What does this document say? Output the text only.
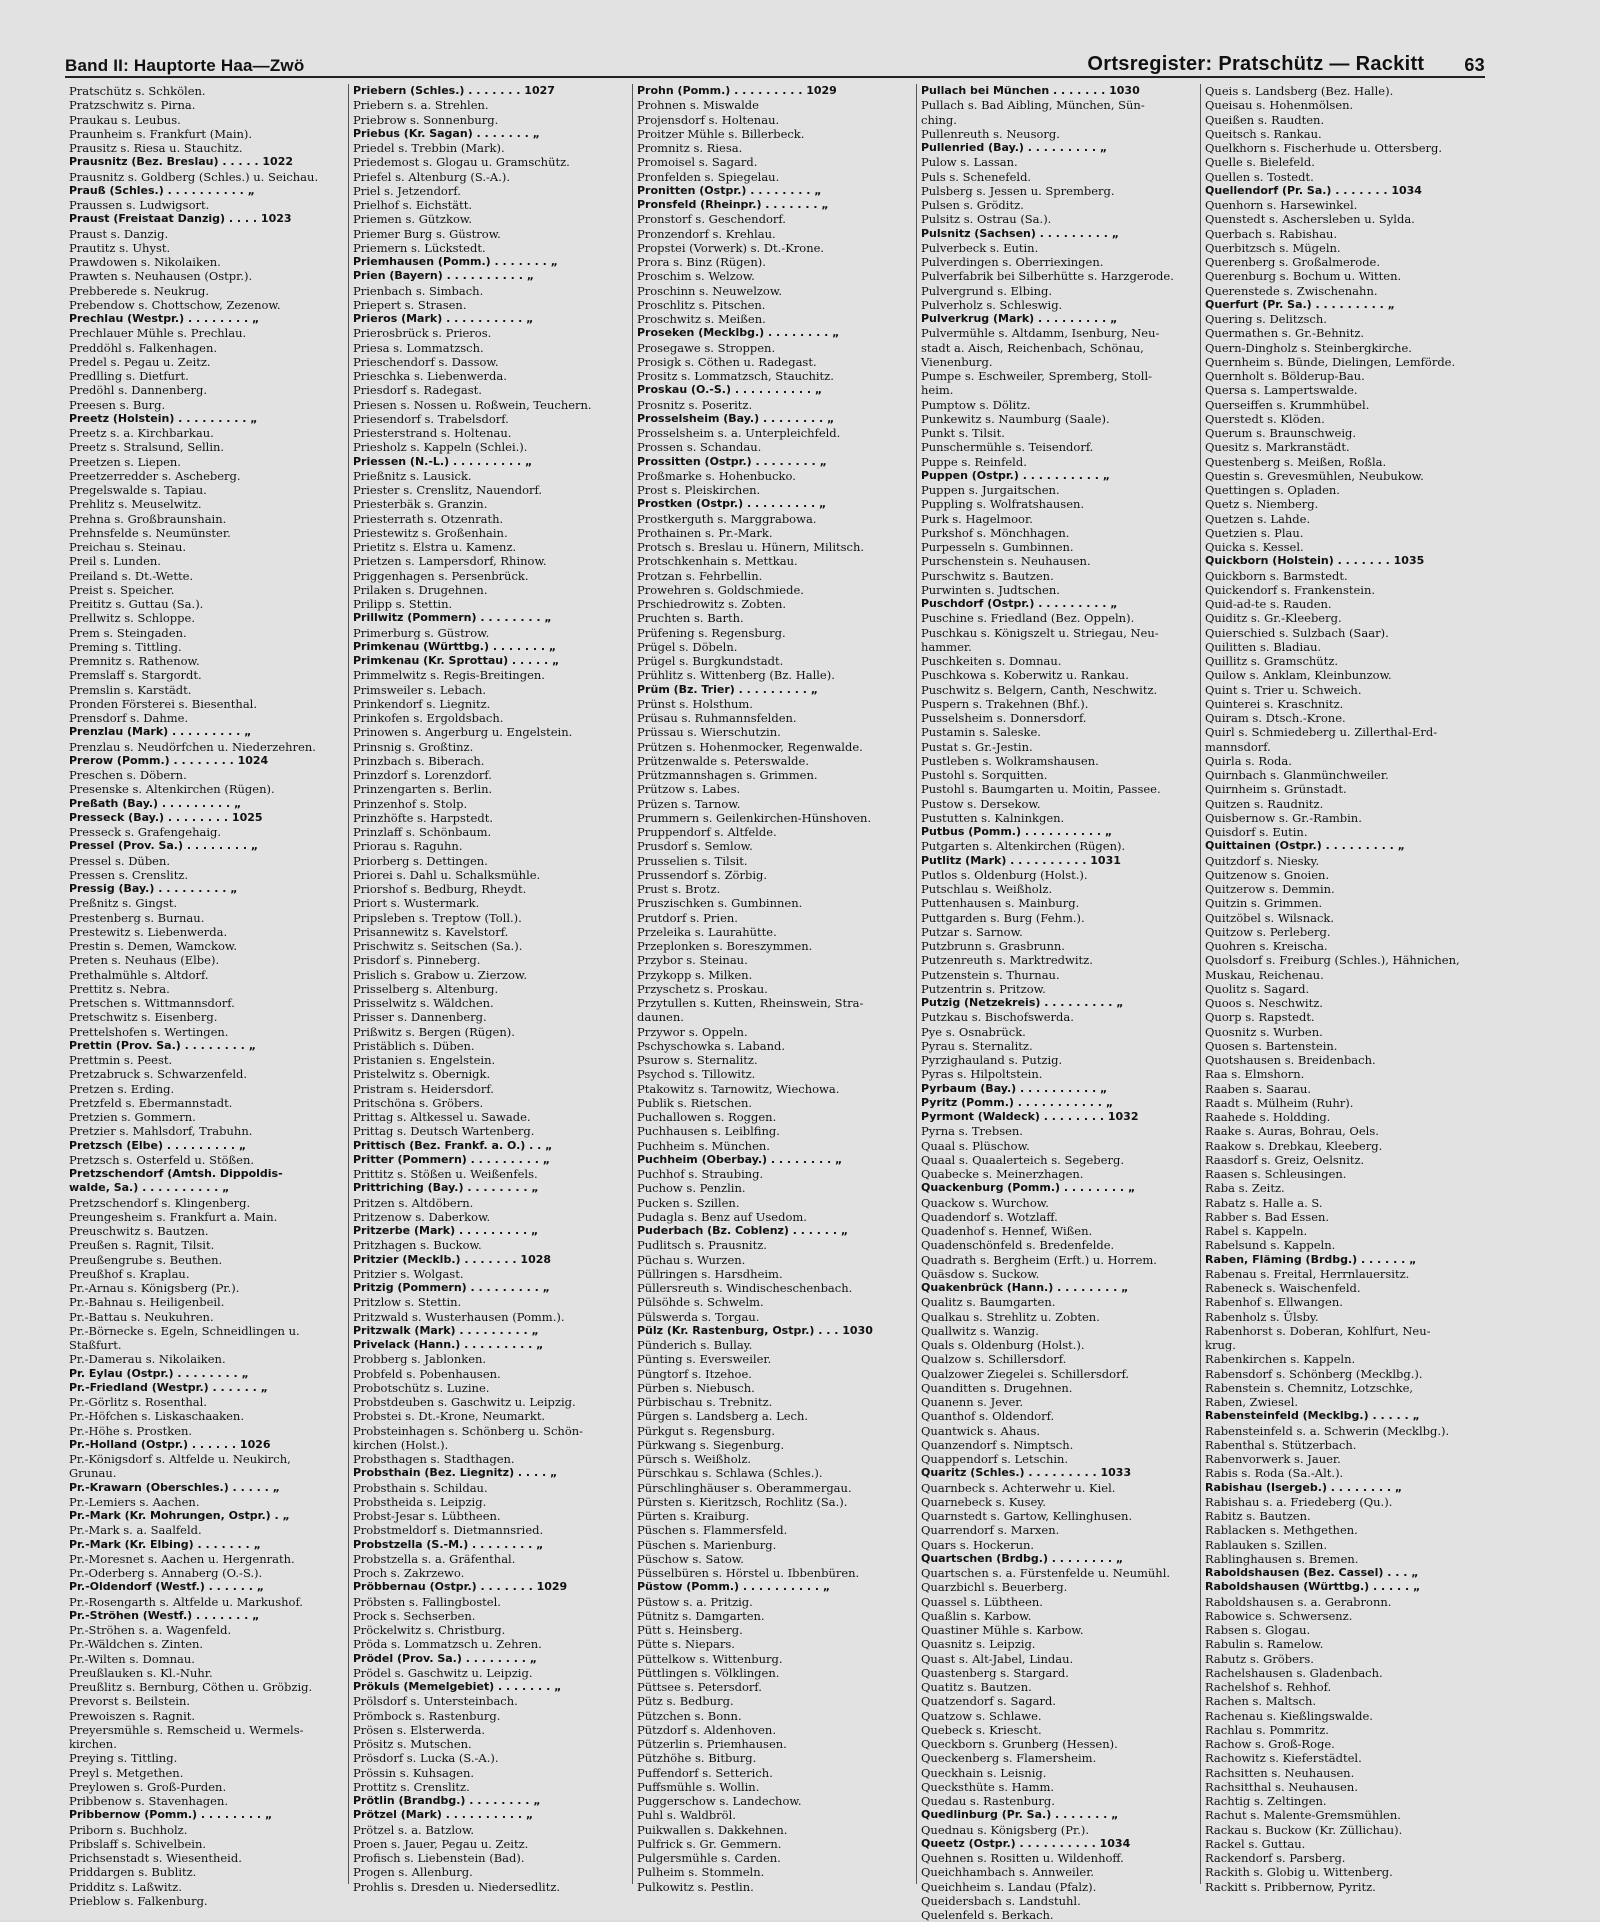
Band II: Hauptorte Haa—Zwö	Ortsregister: Pratschütz — Rackitt 63
Pratschütz s. Schkölen.
Pratzschwitz s. Pirna.
Praukau s. Leubus.
Praunheim s. Frankfurt (Main).
Prausitz s. Riesa u. Stauchitz.
Prausnitz (Bez. Breslau) . . . . . 1022
Prausnitz s. Goldberg (Schles.) u. Seichau.
Prauß (Schles.) . . . . . . . . . . „
Praussen s. Ludwigsort.
Praust (Freistaat Danzig) . . . . 1023
Praust s. Danzig.
Prautitz s. Uhyst.
Prawdowen s. Nikolaiken.
Prawten s. Neuhausen (Ostpr.).
Prebberede s. Neukrug.
Prebendow s. Chottschow, Zezenow.
Prechlau (Westpr.) . . . . . . . . „
Prechlauer Mühle s. Prechlau.
Preddöhl s. Falkenhagen.
Predel s. Pegau u. Zeitz.
Predlling s. Dietfurt.
Predöhl s. Dannenberg.
Preesen s. Burg.
Preetz (Holstein) . . . . . . . . . „
Preetz s. a. Kirchbarkau.
Preetz s. Stralsund, Sellin.
Preetzen s. Liepen.
Preetzerredder s. Ascheberg.
Pregelswalde s. Tapiau.
Prehlitz s. Meuselwitz.
Prehna s. Großbraunshain.
Prehnsfelde s. Neumünster.
Preichau s. Steinau.
Preil s. Lunden.
Preiland s. Dt.-Wette.
Preist s. Speicher.
Preititz s. Guttau (Sa.).
Prellwitz s. Schloppe.
Prem s. Steingaden.
Preming s. Tittling.
Premnitz s. Rathenow.
Premslaff s. Stargordt.
Premslin s. Karstädt.
Pronden Försterei s. Biesenthal.
Prensdorf s. Dahme.
Prenzlau (Mark) . . . . . . . . . „
Prenzlau s. Neudörfchen u. Niederzehren.
Prerow (Pomm.) . . . . . . . . 1024
Preschen s. Döbern.
Presenske s. Altenkirchen (Rügen).
Preßath (Bay.) . . . . . . . . . „
Presseck (Bay.) . . . . . . . . 1025
Presseck s. Grafengehaig.
Pressel (Prov. Sa.) . . . . . . . . „
Pressel s. Düben.
Pressen s. Crenslitz.
Pressig (Bay.) . . . . . . . . . „
Preßnitz s. Gingst.
Prestenberg s. Burnau.
Prestewitz s. Liebenwerda.
Prestin s. Demen, Wamckow.
Preten s. Neuhaus (Elbe).
Prethalmühle s. Altdorf.
Prettitz s. Nebra.
Pretschen s. Wittmannsdorf.
Pretschwitz s. Eisenberg.
Prettelshofen s. Wertingen.
Prettin (Prov. Sa.) . . . . . . . . „
Prettmin s. Peest.
Pretzabruck s. Schwarzenfeld.
Pretzen s. Erding.
Pretzfeld s. Ebermannstadt.
Pretzien s. Gommern.
Pretzier s. Mahlsdorf, Trabuhn.
Pretzsch (Elbe) . . . . . . . . . „
Pretzsch s. Osterfeld u. Stößen.
Pretzschendorf (Amtsh. Dippoldis-
walde, Sa.) . . . . . . . . . . „
Pretzschendorf s. Klingenberg.
Preungesheim s. Frankfurt a. Main.
Preuschwitz s. Bautzen.
Preußen s. Ragnit, Tilsit.
Preußengrube s. Beuthen.
Preußhof s. Kraplau.
Pr.-Arnau s. Königsberg (Pr.).
Pr.-Bahnau s. Heiligenbeil.
Pr.-Battau s. Neukuhren.
Pr.-Börnecke s. Egeln, Schneidlingen u.
Staßfurt.
Pr.-Damerau s. Nikolaiken.
Pr. Eylau (Ostpr.) . . . . . . . . „
Pr.-Friedland (Westpr.) . . . . . . „
Pr.-Görlitz s. Rosenthal.
Pr.-Höfchen s. Liskaschaaken.
Pr.-Höhe s. Prostken.
Pr.-Holland (Ostpr.) . . . . . . 1026
Pr.-Königsdorf s. Altfelde u. Neukirch,
Grunau.
Pr.-Krawarn (Oberschles.) . . . . . „
Pr.-Lemiers s. Aachen.
Pr.-Mark (Kr. Mohrungen, Ostpr.) . „
Pr.-Mark s. a. Saalfeld.
Pr.-Mark (Kr. Elbing) . . . . . . . „
Pr.-Moresnet s. Aachen u. Hergenrath.
Pr.-Oderberg s. Annaberg (O.-S.).
Pr.-Oldendorf (Westf.) . . . . . . „
Pr.-Rosengarth s. Altfelde u. Markushof.
Pr.-Ströhen (Westf.) . . . . . . . „
Pr.-Ströhen s. a. Wagenfeld.
Pr.-Wäldchen s. Zinten.
Pr.-Wilten s. Domnau.
Preußlauken s. Kl.-Nuhr.
Preußlitz s. Bernburg, Cöthen u. Gröbzig.
Prevorst s. Beilstein.
Prewoiszen s. Ragnit.
Preyersmühle s. Remscheid u. Wermels-
kirchen.
Preying s. Tittling.
Preyl s. Metgethen.
Preylowen s. Groß-Purden.
Pribbenow s. Stavenhagen.
Pribbernow (Pomm.) . . . . . . . . „
Priborn s. Buchholz.
Pribslaff s. Schivelbein.
Prichsenstadt s. Wiesentheid.
Priddargen s. Bublitz.
Pridditz s. Laßwitz.
Prieblow s. Falkenburg.
Priebern (Schles.) . . . . . . . 1027
Priebern s. a. Strehlen.
Priebrow s. Sonnenburg.
Priebus (Kr. Sagan) . . . . . . . „
Priedel s. Trebbin (Mark).
Priedemost s. Glogau u. Gramschütz.
Priefel s. Altenburg (S.-A.).
Priel s. Jetzendorf.
Prielhof s. Eichstätt.
Priemen s. Gützkow.
Priemer Burg s. Güstrow.
Priemern s. Lückstedt.
Priemhausen (Pomm.) . . . . . . . „
Prien (Bayern) . . . . . . . . . . „
Prienbach s. Simbach.
Priepert s. Strasen.
Prieros (Mark) . . . . . . . . . . „
Prierosbrück s. Prieros.
Priesa s. Lommatzsch.
Prieschendorf s. Dassow.
Prieschka s. Liebenwerda.
Priesdorf s. Radegast.
Priesen s. Nossen u. Roßwein, Teuchern.
Priesendorf s. Trabelsdorf.
Priesterstrand s. Holtenau.
Priesholz s. Kappeln (Schlei.).
Priessen (N.-L.) . . . . . . . . . „
Prießnitz s. Lausick.
Priester s. Crenslitz, Nauendorf.
Priesterbäk s. Granzin.
Priesterrath s. Otzenrath.
Priestewitz s. Großenhain.
Prietitz s. Elstra u. Kamenz.
Prietzen s. Lampersdorf, Rhinow.
Priggenhagen s. Persenbrück.
Prilaken s. Drugehnen.
Prilipp s. Stettin.
Prillwitz (Pommern) . . . . . . . . „
Primerburg s. Güstrow.
Primkenau (Württbg.) . . . . . . . „
Primkenau (Kr. Sprottau) . . . . . „
Primmelwitz s. Regis-Breitingen.
Primsweiler s. Lebach.
Prinkendorf s. Liegnitz.
Prinkofen s. Ergoldsbach.
Prinowen s. Angerburg u. Engelstein.
Prinsnig s. Großtinz.
Prinzbach s. Biberach.
Prinzdorf s. Lorenzdorf.
Prinzengarten s. Berlin.
Prinzenhof s. Stolp.
Prinzhöfte s. Harpstedt.
Prinzlaff s. Schönbaum.
Priorau s. Raguhn.
Priorberg s. Dettingen.
Priorei s. Dahl u. Schalksmühle.
Priorshof s. Bedburg, Rheydt.
Priort s. Wustermark.
Pripsleben s. Treptow (Toll.).
Prisannewitz s. Kavelstorf.
Prischwitz s. Seitschen (Sa.).
Prisdorf s. Pinneberg.
Prislich s. Grabow u. Zierzow.
Prisselberg s. Altenburg.
Prisselwitz s. Wäldchen.
Prisser s. Dannenberg.
Prißwitz s. Bergen (Rügen).
Pristäblich s. Düben.
Pristanien s. Engelstein.
Pristelwitz s. Obernigk.
Pristram s. Heidersdorf.
Pritschöna s. Gröbers.
Prittag s. Altkessel u. Sawade.
Prittag s. Deutsch Wartenberg.
Prittisch (Bez. Frankf. a. O.) . . „
Pritter (Pommern) . . . . . . . . . „
Prittitz s. Stößen u. Weißenfels.
Prittriching (Bay.) . . . . . . . . „
Pritzen s. Altdöbern.
Pritzenow s. Daberkow.
Pritzerbe (Mark) . . . . . . . . . „
Pritzhagen s. Buckow.
Pritzier (Mecklb.) . . . . . . . 1028
Pritzier s. Wolgast.
Pritzig (Pommern) . . . . . . . . . „
Pritzlow s. Stettin.
Pritzwald s. Wusterhausen (Pomm.).
Pritzwalk (Mark) . . . . . . . . . „
Privelack (Hann.) . . . . . . . . . „
Probberg s. Jablonken.
Probfeld s. Pobenhausen.
Probotschütz s. Luzine.
Probstdeuben s. Gaschwitz u. Leipzig.
Probstei s. Dt.-Krone, Neumarkt.
Probsteinhagen s. Schönberg u. Schön-
kirchen (Holst.).
Probsthagen s. Stadthagen.
Probsthain (Bez. Liegnitz) . . . . „
Probsthain s. Schildau.
Probstheida s. Leipzig.
Probst-Jesar s. Lübtheen.
Probstmeldorf s. Dietmannsried.
Probstzella (S.-M.) . . . . . . . . „
Probstzella s. a. Gräfenthal.
Proch s. Zakrzewo.
Pröbbernau (Ostpr.) . . . . . . . 1029
Pröbsten s. Fallingbostel.
Prock s. Sechserben.
Pröckelwitz s. Christburg.
Pröda s. Lommatzsch u. Zehren.
Prödel (Prov. Sa.) . . . . . . . . „
Prödel s. Gaschwitz u. Leipzig.
Prökuls (Memelgebiet) . . . . . . . „
Prölsdorf s. Untersteinbach.
Prömbock s. Rastenburg.
Prösen s. Elsterwerda.
Prösitz s. Mutschen.
Prösdorf s. Lucka (S.-A.).
Prössin s. Kuhsagen.
Prottitz s. Crenslitz.
Prötlin (Brandbg.) . . . . . . . . „
Prötzel (Mark) . . . . . . . . . . „
Prötzel s. a. Batzlow.
Proen s. Jauer, Pegau u. Zeitz.
Profisch s. Liebenstein (Bad).
Progen s. Allenburg.
Prohlis s. Dresden u. Niedersedlitz.
Prohn (Pomm.) . . . . . . . . . 1029
Prohnen s. Miswalde
Projensdorf s. Holtenau.
Proitzer Mühle s. Billerbeck.
Promnitz s. Riesa.
Promoisel s. Sagard.
Pronfelden s. Spiegelau.
Pronitten (Ostpr.) . . . . . . . . „
Pronsfeld (Rheinpr.) . . . . . . . „
Pronstorf s. Geschendorf.
Pronzendorf s. Krehlau.
Propstei (Vorwerk) s. Dt.-Krone.
Prora s. Binz (Rügen).
Proschim s. Welzow.
Proschinn s. Neuwelzow.
Proschlitz s. Pitschen.
Proschwitz s. Meißen.
Proseken (Mecklbg.) . . . . . . . . „
Prosegawe s. Stroppen.
Prosigk s. Cöthen u. Radegast.
Prositz s. Lommatzsch, Stauchitz.
Proskau (O.-S.) . . . . . . . . . . „
Prosnitz s. Poseritz.
Prosselsheim (Bay.) . . . . . . . . „
Prosselsheim s. a. Unterpleichfeld.
Prossen s. Schandau.
Prossitten (Ostpr.) . . . . . . . . „
Proßmarke s. Hohenbucko.
Prost s. Pleiskirchen.
Prostken (Ostpr.) . . . . . . . . . „
Prostkerguth s. Marggrabowa.
Prothainen s. Pr.-Mark.
Protsch s. Breslau u. Hünern, Militsch.
Protschkenhain s. Mettkau.
Protzan s. Fehrbellin.
Prowehren s. Goldschmiede.
Prschiedrowitz s. Zobten.
Pruchten s. Barth.
Prüfening s. Regensburg.
Prügel s. Döbeln.
Prügel s. Burgkundstadt.
Prühlitz s. Wittenberg (Bz. Halle).
Prüm (Bz. Trier) . . . . . . . . . „
Prünst s. Holsthum.
Prüsau s. Ruhmannsfelden.
Prüssau s. Wierschutzin.
Prützen s. Hohenmocker, Regenwalde.
Prützenwalde s. Peterswalde.
Prützmannshagen s. Grimmen.
Prützow s. Labes.
Prüzen s. Tarnow.
Prummern s. Geilenkirchen-Hünshoven.
Pruppendorf s. Altfelde.
Prusdorf s. Semlow.
Prusselien s. Tilsit.
Prussendorf s. Zörbig.
Prust s. Brotz.
Pruszischken s. Gumbinnen.
Prutdorf s. Prien.
Przeleika s. Laurahütte.
Przeplonken s. Boreszymmen.
Przybor s. Steinau.
Przykopp s. Milken.
Przyschetz s. Proskau.
Przytullen s. Kutten, Rheinswein, Stra-
daunen.
Przywor s. Oppeln.
Pschyschowka s. Laband.
Psurow s. Sternalitz.
Psychod s. Tillowitz.
Ptakowitz s. Tarnowitz, Wiechowa.
Publik s. Rietschen.
Puchallowen s. Roggen.
Puchhausen s. Leiblfing.
Puchheim s. München.
Puchheim (Oberbay.) . . . . . . . . „
Puchhof s. Straubing.
Puchow s. Penzlin.
Pucken s. Szillen.
Pudagla s. Benz auf Usedom.
Puderbach (Bz. Coblenz) . . . . . . „
Pudlitsch s. Prausnitz.
Püchau s. Wurzen.
Püllringen s. Harsdheim.
Püllersreuth s. Windischeschenbach.
Pülsöhde s. Schwelm.
Pülswerda s. Torgau.
Pülz (Kr. Rastenburg, Ostpr.) . . . 1030
Pünderich s. Bullay.
Pünting s. Eversweiler.
Püngtorf s. Itzehoe.
Pürben s. Niebusch.
Pürbischau s. Trebnitz.
Pürgen s. Landsberg a. Lech.
Pürkgut s. Regensburg.
Pürkwang s. Siegenburg.
Pürsch s. Weißholz.
Pürschkau s. Schlawa (Schles.).
Pürschlinghäuser s. Oberammergau.
Pürsten s. Kieritzsch, Rochlitz (Sa.).
Pürten s. Kraiburg.
Püschen s. Flammersfeld.
Püschen s. Marienburg.
Püschow s. Satow.
Püsselbüren s. Hörstel u. Ibbenbüren.
Püstow (Pomm.) . . . . . . . . . . „
Püstow s. a. Pritzig.
Pütnitz s. Damgarten.
Pütt s. Heinsberg.
Pütte s. Niepars.
Püttelkow s. Wittenburg.
Püttlingen s. Völklingen.
Püttsee s. Petersdorf.
Pütz s. Bedburg.
Pützchen s. Bonn.
Pützdorf s. Aldenhoven.
Pützerlin s. Priemhausen.
Pützhöhe s. Bitburg.
Puffendorf s. Setterich.
Puffsmühle s. Wollin.
Puggerschow s. Landechow.
Puhl s. Waldbröl.
Puikwallen s. Dakkehnen.
Pulfrick s. Gr. Gemmern.
Pulgersmühle s. Carden.
Pulheim s. Stommeln.
Pulkowitz s. Pestlin.
Pullach bei München . . . . . . . 1030
Pullach s. Bad Aibling, München, Sün-
ching.
Pullenreuth s. Neusorg.
Pullenried (Bay.) . . . . . . . . . „
Pulow s. Lassan.
Puls s. Schenefeld.
Pulsberg s. Jessen u. Spremberg.
Pulsen s. Gröditz.
Pulsitz s. Ostrau (Sa.).
Pulsnitz (Sachsen) . . . . . . . . . „
Pulverbeck s. Eutin.
Pulverdingen s. Oberriexingen.
Pulverfabrik bei Silberhütte s. Harzgerode.
Pulvergrund s. Elbing.
Pulverholz s. Schleswig.
Pulverkrug (Mark) . . . . . . . . . „
Pulvermühle s. Altdamm, Isenburg, Neu-
stadt a. Aisch, Reichenbach, Schönau,
Vienenburg.
Pumpe s. Eschweiler, Spremberg, Stoll-
heim.
Pumptow s. Dölitz.
Punkewitz s. Naumburg (Saale).
Punkt s. Tilsit.
Punschermühle s. Teisendorf.
Puppe s. Reinfeld.
Puppen (Ostpr.) . . . . . . . . . . „
Puppen s. Jurgaitschen.
Puppling s. Wolfratshausen.
Purk s. Hagelmoor.
Purkshof s. Mönchhagen.
Purpesseln s. Gumbinnen.
Purschenstein s. Neuhausen.
Purschwitz s. Bautzen.
Purwinten s. Judtschen.
Puschdorf (Ostpr.) . . . . . . . . . „
Puschine s. Friedland (Bez. Oppeln).
Puschkau s. Königszelt u. Striegau, Neu-
hammer.
Puschkeiten s. Domnau.
Puschkowa s. Koberwitz u. Rankau.
Puschwitz s. Belgern, Canth, Neschwitz.
Puspern s. Trakehnen (Bhf.).
Pusselsheim s. Donnersdorf.
Pustamin s. Saleske.
Pustat s. Gr.-Jestin.
Pustleben s. Wolkramshausen.
Pustohl s. Sorquitten.
Pustohl s. Baumgarten u. Moitin, Passee.
Pustow s. Dersekow.
Pustutten s. Kalninkgen.
Putbus (Pomm.) . . . . . . . . . . „
Putgarten s. Altenkirchen (Rügen).
Putlitz (Mark) . . . . . . . . . . 1031
Putlos s. Oldenburg (Holst.).
Putschlau s. Weißholz.
Puttenhausen s. Mainburg.
Puttgarden s. Burg (Fehm.).
Putzar s. Sarnow.
Putzbrunn s. Grasbrunn.
Putzenreuth s. Marktredwitz.
Putzenstein s. Thurnau.
Putzentrin s. Pritzow.
Putzig (Netzekreis) . . . . . . . . . „
Putzkau s. Bischofswerda.
Pye s. Osnabrück.
Pyrau s. Sternalitz.
Pyrzighauland s. Putzig.
Pyras s. Hilpoltstein.
Pyrbaum (Bay.) . . . . . . . . . . „
Pyritz (Pomm.) . . . . . . . . . . . „
Pyrmont (Waldeck) . . . . . . . . 1032
Pyrna s. Trebsen.
Quaal s. Plüschow.
Quaal s. Quaalerteich s. Segeberg.
Quabecke s. Meinerzhagen.
Quackenburg (Pomm.) . . . . . . . . „
Quackow s. Wurchow.
Quadendorf s. Wotzlaff.
Quadenhof s. Hennef, Wißen.
Quadenschönfeld s. Bredenfelde.
Quadrath s. Bergheim (Erft.) u. Horrem.
Quäsdow s. Suckow.
Quakenbrück (Hann.) . . . . . . . . „
Qualitz s. Baumgarten.
Qualkau s. Strehlitz u. Zobten.
Quallwitz s. Wanzig.
Quals s. Oldenburg (Holst.).
Qualzow s. Schillersdorf.
Qualzower Ziegelei s. Schillersdorf.
Quanditten s. Drugehnen.
Quanenn s. Jever.
Quanthof s. Oldendorf.
Quantwick s. Ahaus.
Quanzendorf s. Nimptsch.
Quappendorf s. Letschin.
Quaritz (Schles.) . . . . . . . . . 1033
Quarnbeck s. Achterwehr u. Kiel.
Quarnebeck s. Kusey.
Quarnstedt s. Gartow, Kellinghusen.
Quarrendorf s. Marxen.
Quars s. Hockerun.
Quartschen (Brdbg.) . . . . . . . . „
Quartschen s. a. Fürstenfelde u. Neumühl.
Quarzbichl s. Beuerberg.
Quassel s. Lübtheen.
Quaßlin s. Karbow.
Quastiner Mühle s. Karbow.
Quasnitz s. Leipzig.
Quast s. Alt-Jabel, Lindau.
Quastenberg s. Stargard.
Quatitz s. Bautzen.
Quatzendorf s. Sagard.
Quatzow s. Schlawe.
Quebeck s. Kriescht.
Queckborn s. Grunberg (Hessen).
Queckenberg s. Flamersheim.
Queckhain s. Leisnig.
Quecksthüte s. Hamm.
Quedau s. Rastenburg.
Quedlinburg (Pr. Sa.) . . . . . . . „
Quednau s. Königsberg (Pr.).
Queetz (Ostpr.) . . . . . . . . . . 1034
Quehnen s. Rositten u. Wildenhoff.
Queichhambach s. Annweiler.
Queichheim s. Landau (Pfalz).
Queidersbach s. Landstuhl.
Quelenfeld s. Berkach.
Queis s. Landsberg (Bez. Halle).
Queisau s. Hohenmölsen.
Queißen s. Raudten.
Queitsch s. Rankau.
Quelkhorn s. Fischerhude u. Ottersberg.
Quelle s. Bielefeld.
Quellen s. Tostedt.
Quellendorf (Pr. Sa.) . . . . . . . 1034
Quenhorn s. Harsewinkel.
Quenstedt s. Aschersleben u. Sylda.
Querbach s. Rabishau.
Querbitzsch s. Mügeln.
Querenberg s. Großalmerode.
Querenburg s. Bochum u. Witten.
Querenstede s. Zwischenahn.
Querfurt (Pr. Sa.) . . . . . . . . . „
Quering s. Delitzsch.
Quermathen s. Gr.-Behnitz.
Quern-Dingholz s. Steinbergkirche.
Quernheim s. Bünde, Dielingen, Lemförde.
Quernholt s. Bölderup-Bau.
Quersa s. Lampertswalde.
Querseiffen s. Krummhübel.
Querstedt s. Klöden.
Querum s. Braunschweig.
Quesitz s. Markranstädt.
Questenberg s. Meißen, Roßla.
Questin s. Grevesmühlen, Neubukow.
Quettingen s. Opladen.
Quetz s. Niemberg.
Quetzen s. Lahde.
Quetzien s. Plau.
Quicka s. Kessel.
Quickborn (Holstein) . . . . . . . 1035
Quickborn s. Barmstedt.
Quickendorf s. Frankenstein.
Quid-ad-te s. Rauden.
Quiditz s. Gr.-Kleeberg.
Quierschied s. Sulzbach (Saar).
Quilitten s. Bladiau.
Quillitz s. Gramschütz.
Quilow s. Anklam, Kleinbunzow.
Quint s. Trier u. Schweich.
Quinterei s. Kraschnitz.
Quiram s. Dtsch.-Krone.
Quirl s. Schmiedeberg u. Zillerthal-Erd-
mannsdorf.
Quirla s. Roda.
Quirnbach s. Glanmünchweiler.
Quirnheim s. Grünstadt.
Quitzen s. Raudnitz.
Quisbernow s. Gr.-Rambin.
Quisdorf s. Eutin.
Quittainen (Ostpr.) . . . . . . . . . „
Quitzdorf s. Niesky.
Quitzenow s. Gnoien.
Quitzerow s. Demmin.
Quitzin s. Grimmen.
Quitzöbel s. Wilsnack.
Quitzow s. Perleberg.
Quohren s. Kreischa.
Quolsdorf s. Freiburg (Schles.), Hähnichen,
Muskau, Reichenau.
Quolitz s. Sagard.
Quoos s. Neschwitz.
Quorp s. Rapstedt.
Quosnitz s. Wurben.
Quosen s. Bartenstein.
Quotshausen s. Breidenbach.
Raa s. Elmshorn.
Raaben s. Saarau.
Raadt s. Mülheim (Ruhr).
Raahede s. Holdding.
Raake s. Auras, Bohrau, Oels.
Raakow s. Drebkau, Kleeberg.
Raasdorf s. Greiz, Oelsnitz.
Raasen s. Schleusingen.
Raba s. Zeitz.
Rabatz s. Halle a. S.
Rabber s. Bad Essen.
Rabel s. Kappeln.
Rabelsund s. Kappeln.
Raben, Fläming (Brdbg.) . . . . . . „
Rabenau s. Freital, Herrnlauersitz.
Rabeneck s. Waischenfeld.
Rabenhof s. Ellwangen.
Rabenholz s. Ülsby.
Rabenhorst s. Doberan, Kohlfurt, Neu-
krug.
Rabenkirchen s. Kappeln.
Rabensdorf s. Schönberg (Mecklbg.).
Rabenstein s. Chemnitz, Lotzschke,
Raben, Zwiesel.
Rabensteinfeld (Mecklbg.) . . . . . „
Rabensteinfeld s. a. Schwerin (Mecklbg.).
Rabenthal s. Stützerbach.
Rabenvorwerk s. Jauer.
Rabis s. Roda (Sa.-Alt.).
Rabishau (Isergeb.) . . . . . . . . „
Rabishau s. a. Friedeberg (Qu.).
Rabitz s. Bautzen.
Rablacken s. Methgethen.
Rablauken s. Szillen.
Rablinghausen s. Bremen.
Raboldshausen (Bez. Cassel) . . . „
Raboldshausen (Württbg.) . . . . . „
Raboldshausen s. a. Gerabronn.
Rabowice s. Schwersenz.
Rabsen s. Glogau.
Rabulin s. Ramelow.
Rabutz s. Gröbers.
Rachelshausen s. Gladenbach.
Rachelshof s. Rehhof.
Rachen s. Maltsch.
Rachenau s. Kießlingswalde.
Rachlau s. Pommritz.
Rachow s. Groß-Roge.
Rachowitz s. Kieferstädtel.
Rachsitten s. Neuhausen.
Rachsitthal s. Neuhausen.
Rachtig s. Zeltingen.
Rachut s. Malente-Gremsmühlen.
Rackau s. Buckow (Kr. Züllichau).
Rackel s. Guttau.
Rackendorf s. Parsberg.
Rackith s. Globig u. Wittenberg.
Rackitt s. Pribbernow, Pyritz.
